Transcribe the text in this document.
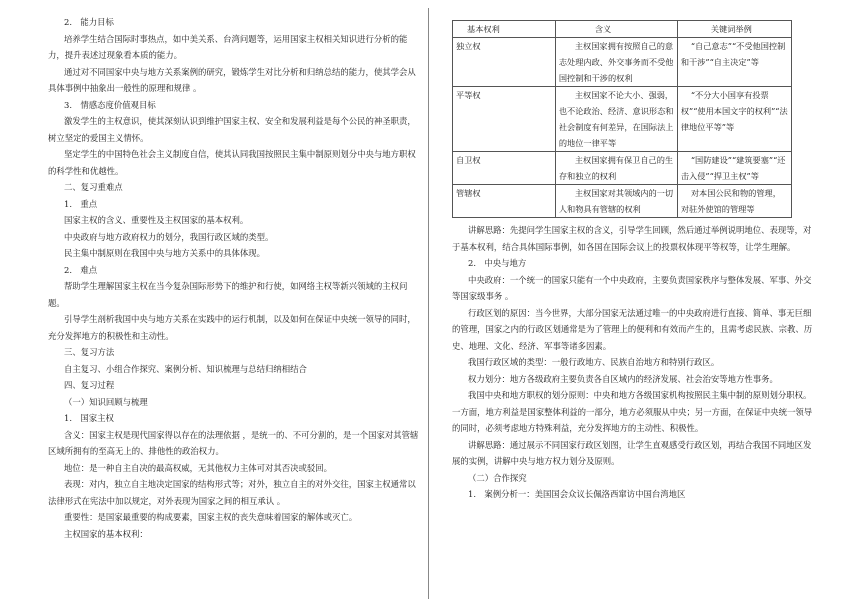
2.　能力目标

培养学生结合国际时事热点，如中美关系、台湾问题等，运用国家主权相关知识进行分析的能力，提升表述过现象看本质的能力。

通过对不同国家中央与地方关系案例的研究，锻炼学生对比分析和归纳总结的能力，使其学会从具体事例中抽象出一般性的原理和规律 。

3.　情感态度价值观目标

激发学生的主权意识，使其深刻认识到维护国家主权、安全和发展利益是每个公民的神圣职责，树立坚定的爱国主义情怀。

坚定学生的中国特色社会主义制度自信，使其认同我国按照民主集中制原则划分中央与地方职权的科学性和优越性。

二、复习重难点

1.　重点

国家主权的含义、重要性及主权国家的基本权利。

中央政府与地方政府权力的划分，我国行政区域的类型。

民主集中制原则在我国中央与地方关系中的具体体现。

2.　难点

帮助学生理解国家主权在当今复杂国际形势下的维护和行使，如网络主权等新兴领域的主权问题。

引导学生剖析我国中央与地方关系在实践中的运行机制，以及如何在保证中央统一领导的同时，充分发挥地方的积极性和主动性。

三、复习方法

自主复习、小组合作探究、案例分析、知识梳理与总结归纳相结合

四、复习过程

（一）知识回顾与梳理

1.　国家主权

含义：国家主权是现代国家得以存在的法理依据 ，是统一的、不可分割的，是一个国家对其管辖区域所拥有的至高无上的、排他性的政治权力。

地位：是一种自主自决的最高权威，无其他权力主体可对其否决或驳回。

表现：对内，独立自主地决定国家的结构形式等；对外，独立自主的对外交往，国家主权通常以法律形式在宪法中加以规定，对外表现为国家之间的相互承认 。

重要性：是国家最重要的构成要素，国家主权的丧失意味着国家的解体或灭亡。

主权国家的基本权利：

基本权利	含义	关键词举例
独立权	主权国家拥有按照自己的意志处理内政、外交事务而不受他国控制和干涉的权利	“自己意志”“不受他国控制和干涉”“自主决定”等
平等权	主权国家不论大小、强弱，也不论政治、经济、意识形态和社会制度有何差异，在国际法上的地位一律平等	“不分大小国享有投票权”“使用本国文字的权利”“法律地位平等”等
自卫权	主权国家拥有保卫自己的生存和独立的权利	“国防建设”“建筑要塞”“还击入侵”“捍卫主权”等
管辖权	主权国家对其领域内的一切人和物具有管辖的权利	对本国公民和物的管理，对驻外使馆的管理等

讲解思路：先提问学生国家主权的含义，引导学生回顾，然后通过举例说明地位、表现等，对于基本权利，结合具体国际事例，如各国在国际会议上的投票权体现平等权等，让学生理解。

2.　中央与地方

中央政府：一个统一的国家只能有一个中央政府，主要负责国家秩序与整体发展、军事、外交等国家级事务 。

行政区划的原因：当今世界，大部分国家无法通过唯一的中央政府进行直接、简单、事无巨细的管理，国家之内的行政区划通常是为了管理上的便利和有效而产生的，且需考虑民族、宗教、历史、地理、文化、经济、军事等诸多因素。

我国行政区域的类型：一般行政地方、民族自治地方和特别行政区。

权力划分：地方各级政府主要负责各自区域内的经济发展、社会治安等地方性事务。

我国中央和地方职权的划分原则：中央和地方各级国家机构按照民主集中制的原则划分职权。一方面，地方利益是国家整体利益的一部分，地方必须服从中央；另一方面，在保证中央统一领导的同时，必须考虑地方特殊利益，充分发挥地方的主动性、积极性。

讲解思路：通过展示不同国家行政区划图，让学生直观感受行政区划，再结合我国不同地区发展的实例，讲解中央与地方权力划分及原则。

（二）合作探究

1.　案例分析一：美国国会众议长佩洛西窜访中国台湾地区
